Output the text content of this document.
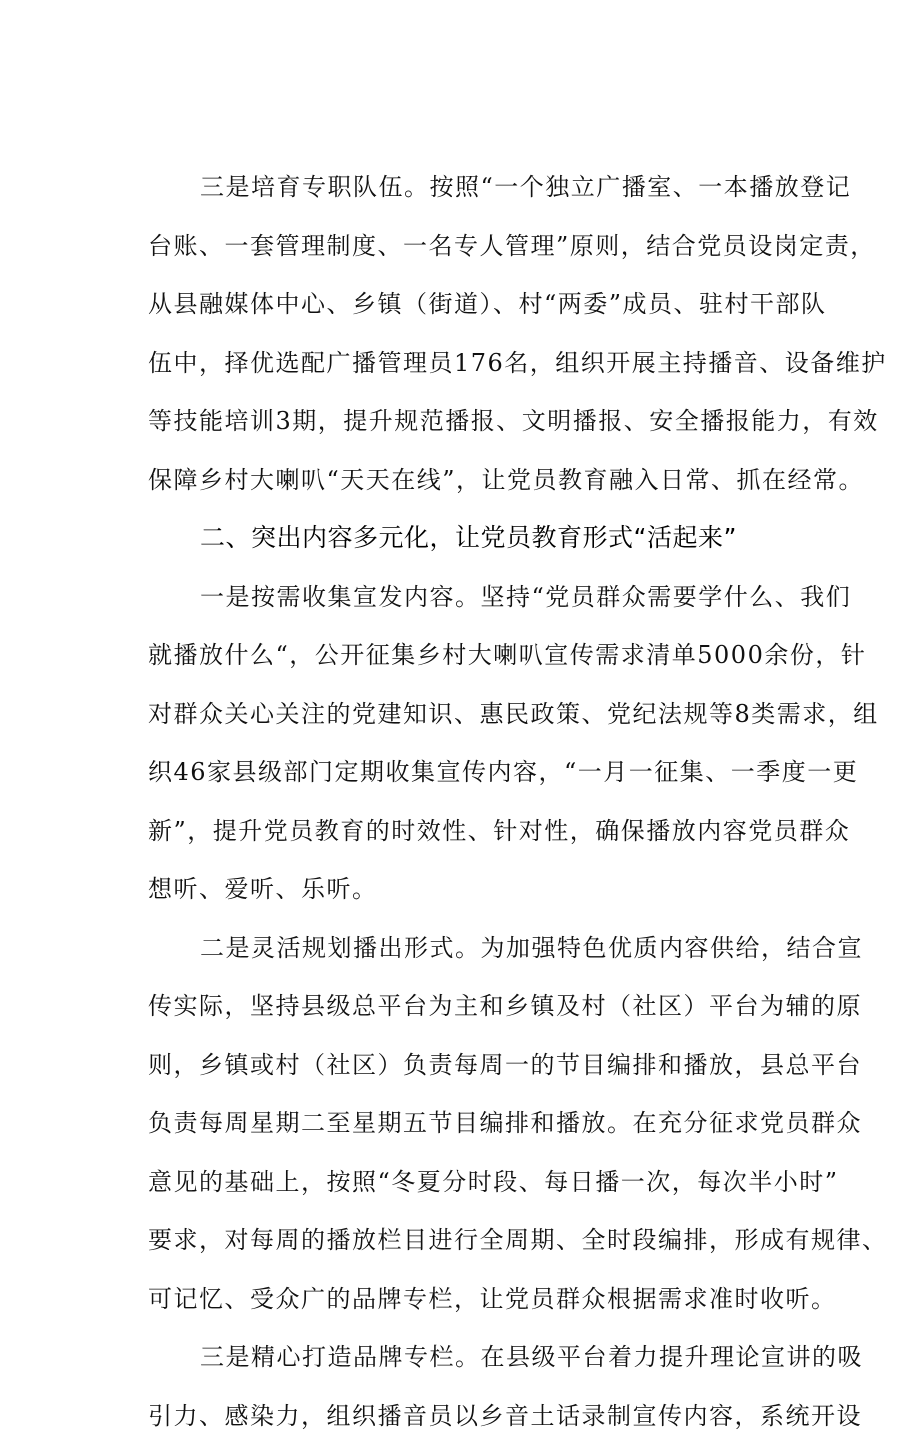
三是培育专职队伍。按照“一个独立广播室、一本播放登记
台账、一套管理制度、一名专人管理”原则，结合党员设岗定责，
从县融媒体中心、乡镇（街道）、村“两委”成员、驻村干部队
伍中，择优选配广播管理员176名，组织开展主持播音、设备维护
等技能培训3期，提升规范播报、文明播报、安全播报能力，有效
保障乡村大喇叭“天天在线”，让党员教育融入日常、抓在经常。
二、突出内容多元化，让党员教育形式“活起来”
一是按需收集宣发内容。坚持“党员群众需要学什么、我们
就播放什么“，公开征集乡村大喇叭宣传需求清单5000余份，针
对群众关心关注的党建知识、惠民政策、党纪法规等8类需求，组
织46家县级部门定期收集宣传内容，“一月一征集、一季度一更
新”，提升党员教育的时效性、针对性，确保播放内容党员群众
想听、爱听、乐听。
二是灵活规划播出形式。为加强特色优质内容供给，结合宣
传实际，坚持县级总平台为主和乡镇及村（社区）平台为辅的原
则，乡镇或村（社区）负责每周一的节目编排和播放，县总平台
负责每周星期二至星期五节目编排和播放。在充分征求党员群众
意见的基础上，按照“冬夏分时段、每日播一次，每次半小时”
要求，对每周的播放栏目进行全周期、全时段编排，形成有规律、
可记忆、受众广的品牌专栏，让党员群众根据需求准时收听。
三是精心打造品牌专栏。在县级平台着力提升理论宣讲的吸
引力、感染力，组织播音员以乡音土话录制宣传内容，系统开设
